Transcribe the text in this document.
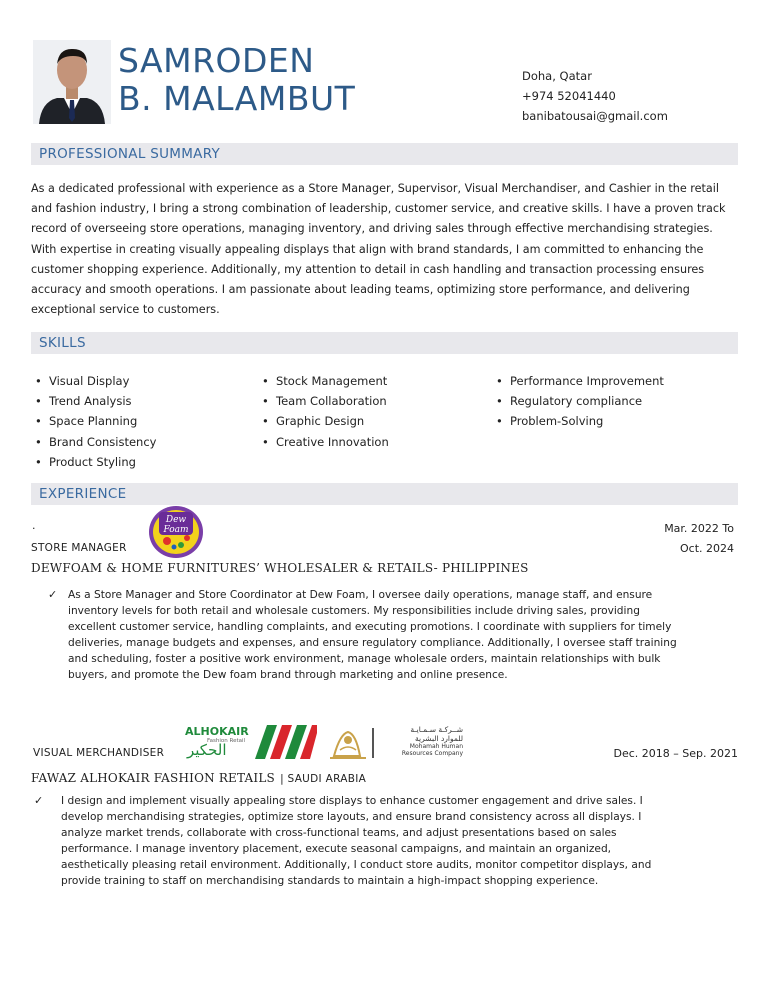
SAMRODEN
B. MALAMBUT
Doha, Qatar
+974 52041440
banibatousai@gmail.com
PROFESSIONAL SUMMARY
As a dedicated professional with experience as a Store Manager, Supervisor, Visual Merchandiser, and Cashier in the retail
and fashion industry, I bring a strong combination of leadership, customer service, and creative skills. I have a proven track
record of overseeing store operations, managing inventory, and driving sales through effective merchandising strategies.
With expertise in creating visually appealing displays that align with brand standards, I am committed to enhancing the
customer shopping experience. Additionally, my attention to detail in cash handling and transaction processing ensures
accuracy and smooth operations. I am passionate about leading teams, optimizing store performance, and delivering
exceptional service to customers.
SKILLS
• Visual Display
• Trend Analysis
• Space Planning
• Brand Consistency
• Product Styling
• Stock Management
• Team Collaboration
• Graphic Design
• Creative Innovation
• Performance Improvement
• Regulatory compliance
• Problem-Solving
EXPERIENCE
.	Dew
Foam
STORE MANAGER
Mar. 2022 To
Oct. 2024
DEWFOAM & HOME FURNITURES’ WHOLESALER & RETAILS- PHILIPPINES
✓ As a Store Manager and Store Coordinator at Dew Foam, I oversee daily operations, manage staff, and ensure
inventory levels for both retail and wholesale customers. My responsibilities include driving sales, providing
excellent customer service, handling complaints, and executing promotions. I coordinate with suppliers for timely
deliveries, manage budgets and expenses, and ensure regulatory compliance. Additionally, I oversee staff training
and scheduling, foster a positive work environment, manage wholesale orders, maintain relationships with bulk
buyers, and promote the Dew foam brand through marketing and online presence.
VISUAL MERCHANDISER
ALHOKAIR
Fashion Retail
الحكير
شــركـة سـمـايـة
للموارد البشرية
Mohamah Human
Resources Company	Dec. 2018 – Sep. 2021
FAWAZ ALHOKAIR FASHION RETAILS | SAUDI ARABIA
✓ I design and implement visually appealing store displays to enhance customer engagement and drive sales. I
develop merchandising strategies, optimize store layouts, and ensure brand consistency across all displays. I
analyze market trends, collaborate with cross-functional teams, and adjust presentations based on sales
performance. I manage inventory placement, execute seasonal campaigns, and maintain an organized,
aesthetically pleasing retail environment. Additionally, I conduct store audits, monitor competitor displays, and
provide training to staff on merchandising standards to maintain a high-impact shopping experience.
